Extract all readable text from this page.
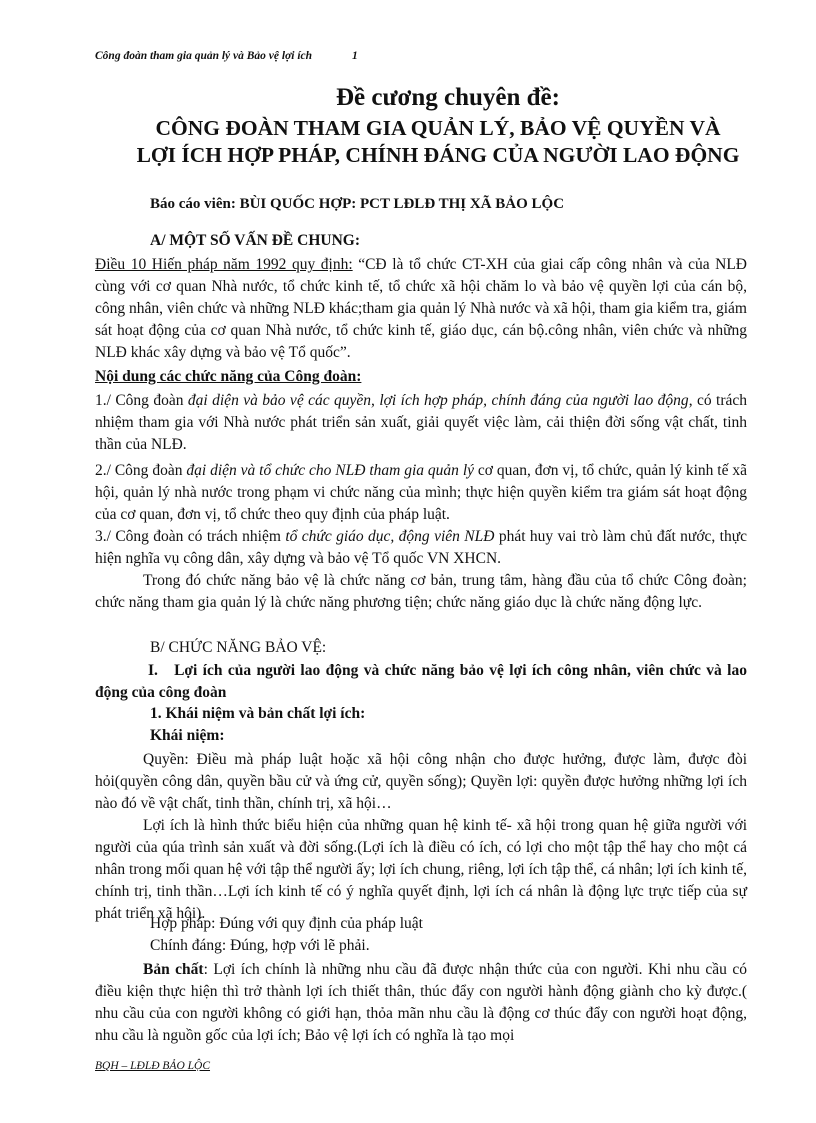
Công đoàn tham gia quản lý và Bảo vệ lợi ích	1
Đề cương chuyên đề:
CÔNG ĐOÀN THAM GIA QUẢN LÝ, BẢO VỆ QUYỀN VÀ
LỢI ÍCH HỢP PHÁP, CHÍNH ĐÁNG CỦA NGƯỜI LAO ĐỘNG
Báo cáo viên: BÙI QUỐC HỢP: PCT LĐLĐ THỊ XÃ BẢO LỘC
A/ MỘT SỐ VẤN ĐỀ CHUNG:
Điều 10 Hiến pháp năm 1992 quy định: “CĐ là tổ chức CT-XH của giai cấp công nhân và của NLĐ cùng với cơ quan Nhà nước, tổ chức kinh tế, tổ chức xã hội chăm lo và bảo vệ quyền lợi của cán bộ, công nhân, viên chức và những NLĐ khác;tham gia quản lý Nhà nước và xã hội, tham gia kiểm tra, giám sát hoạt động của cơ quan Nhà nước, tổ chức kinh tế, giáo dục, cán bộ.công nhân, viên chức và những NLĐ khác xây dựng và bảo vệ Tổ quốc”.
Nội dung các chức năng của Công đoàn:
1./ Công đoàn đại diện và bảo vệ các quyền, lợi ích hợp pháp, chính đáng của người lao động, có trách nhiệm tham gia với Nhà nước phát triển sản xuất, giải quyết việc làm, cải thiện đời sống vật chất, tinh thần của NLĐ.
2./ Công đoàn đại diện và tổ chức cho NLĐ tham gia quản lý cơ quan, đơn vị, tổ chức, quản lý kinh tế xã hội, quản lý nhà nước trong phạm vi chức năng của mình; thực hiện quyền kiểm tra giám sát hoạt động của cơ quan, đơn vị, tổ chức theo quy định của pháp luật.
3./ Công đoàn có trách nhiệm tổ chức giáo dục, động viên NLĐ phát huy vai trò làm chủ đất nước, thực hiện nghĩa vụ công dân, xây dựng và bảo vệ Tổ quốc VN XHCN.
Trong đó chức năng bảo vệ là chức năng cơ bản, trung tâm, hàng đầu của tổ chức Công đoàn; chức năng tham gia quản lý là chức năng phương tiện; chức năng giáo dục là chức năng động lực.
B/ CHỨC NĂNG BẢO VỆ:
I. Lợi ích của người lao động và chức năng bảo vệ lợi ích công nhân, viên chức và lao động của công đoàn
1. Khái niệm và bản chất lợi ích:
Khái niệm:
Quyền: Điều mà pháp luật hoặc xã hội công nhận cho được hưởng, được làm, được đòi hỏi(quyền công dân, quyền bầu cử và ứng cử, quyền sống); Quyền lợi: quyền được hưởng những lợi ích nào đó về vật chất, tinh thần, chính trị, xã hội…
Lợi ích là hình thức biểu hiện của những quan hệ kinh tế- xã hội trong quan hệ giữa người với người của qúa trình sản xuất và đời sống.(Lợi ích là điều có ích, có lợi cho một tập thể hay cho một cá nhân trong mối quan hệ với tập thể người ấy; lợi ích chung, riêng, lợi ích tập thể, cá nhân; lợi ích kinh tế, chính trị, tinh thần…Lợi ích kinh tế có ý nghĩa quyết định, lợi ích cá nhân là động lực trực tiếp của sự phát triển xã hội).
Hợp pháp: Đúng với quy định của pháp luật
Chính đáng: Đúng, hợp với lẽ phải.
Bản chất: Lợi ích chính là những nhu cầu đã được nhận thức của con người. Khi nhu cầu có điều kiện thực hiện thì trở thành lợi ích thiết thân, thúc đẩy con người hành động giành cho kỳ được.( nhu cầu của con người không có giới hạn, thỏa mãn nhu cầu là động cơ thúc đẩy con người hoạt động, nhu cầu là nguồn gốc của lợi ích; Bảo vệ lợi ích có nghĩa là tạo mọi
BQH – LĐLĐ BẢO LỘC
